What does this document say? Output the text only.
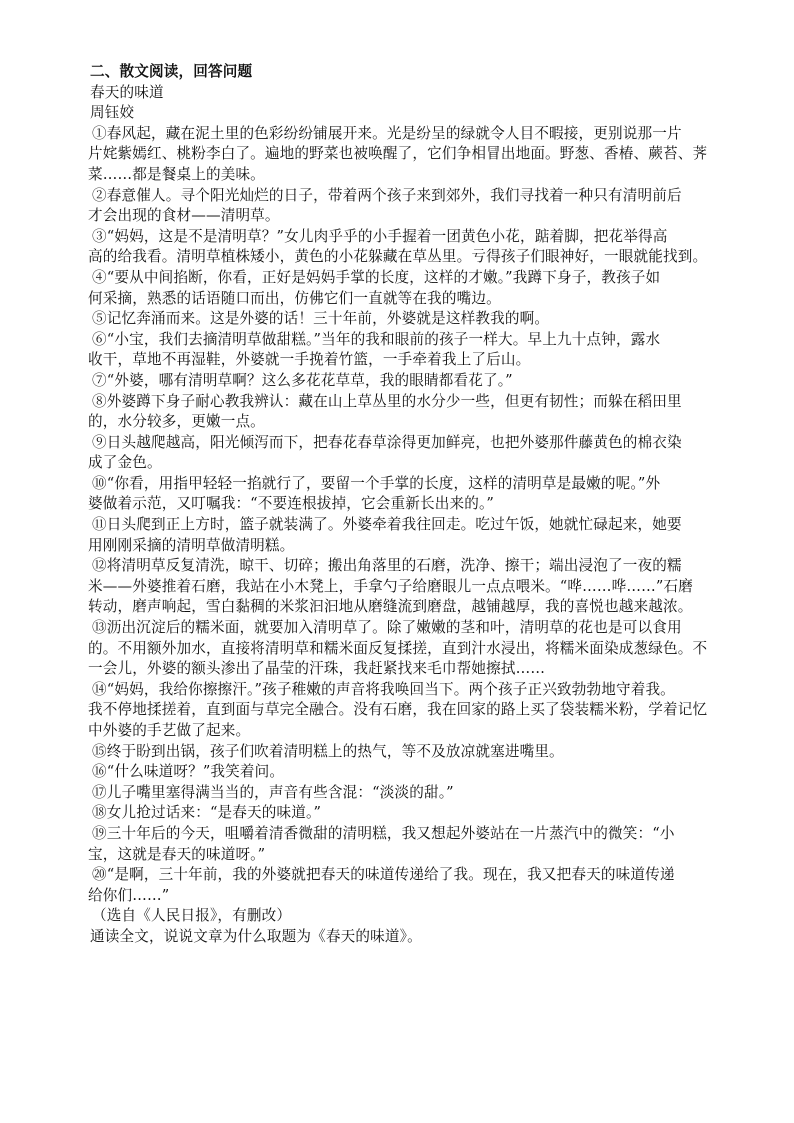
二、散文阅读，回答问题
春天的味道
周钰姣
①春风起，藏在泥土里的色彩纷纷铺展开来。光是纷呈的绿就令人目不暇接，更别说那一片
片姹紫嫣红、桃粉李白了。遍地的野菜也被唤醒了，它们争相冒出地面。野葱、香椿、蕨苔、荠
菜……都是餐桌上的美味。
②春意催人。寻个阳光灿烂的日子，带着两个孩子来到郊外，我们寻找着一种只有清明前后
才会出现的食材——清明草。
③“妈妈，这是不是清明草？”女儿肉乎乎的小手握着一团黄色小花，踮着脚，把花举得高
高的给我看。清明草植株矮小，黄色的小花躲藏在草丛里。亏得孩子们眼神好，一眼就能找到。
④“要从中间掐断，你看，正好是妈妈手掌的长度，这样的才嫩。”我蹲下身子，教孩子如
何采摘，熟悉的话语随口而出，仿佛它们一直就等在我的嘴边。
⑤记忆奔涌而来。这是外婆的话！三十年前，外婆就是这样教我的啊。
⑥“小宝，我们去摘清明草做甜糕。”当年的我和眼前的孩子一样大。早上九十点钟，露水
收干，草地不再湿鞋，外婆就一手挽着竹篮，一手牵着我上了后山。
⑦“外婆，哪有清明草啊？这么多花花草草，我的眼睛都看花了。”
⑧外婆蹲下身子耐心教我辨认：藏在山上草丛里的水分少一些，但更有韧性；而躲在稻田里
的，水分较多，更嫩一点。
⑨日头越爬越高，阳光倾泻而下，把春花春草涂得更加鲜亮，也把外婆那件藤黄色的棉衣染
成了金色。
⑩“你看，用指甲轻轻一掐就行了，要留一个手掌的长度，这样的清明草是最嫩的呢。”外
婆做着示范，又叮嘱我：“不要连根拔掉，它会重新长出来的。”
⑪日头爬到正上方时，篮子就装满了。外婆牵着我往回走。吃过午饭，她就忙碌起来，她要
用刚刚采摘的清明草做清明糕。
⑫将清明草反复清洗，晾干、切碎；搬出角落里的石磨，洗净、擦干；端出浸泡了一夜的糯
米——外婆推着石磨，我站在小木凳上，手拿勺子给磨眼儿一点点喂米。“哗……哗……”石磨
转动，磨声响起，雪白黏稠的米浆汩汩地从磨缝流到磨盘，越铺越厚，我的喜悦也越来越浓。
⑬沥出沉淀后的糯米面，就要加入清明草了。除了嫩嫩的茎和叶，清明草的花也是可以食用
的。不用额外加水，直接将清明草和糯米面反复揉搓，直到汁水浸出，将糯米面染成葱绿色。不
一会儿，外婆的额头渗出了晶莹的汗珠，我赶紧找来毛巾帮她擦拭……
⑭“妈妈，我给你擦擦汗。”孩子稚嫩的声音将我唤回当下。两个孩子正兴致勃勃地守着我。
我不停地揉搓着，直到面与草完全融合。没有石磨，我在回家的路上买了袋装糯米粉，学着记忆
中外婆的手艺做了起来。
⑮终于盼到出锅，孩子们吹着清明糕上的热气，等不及放凉就塞进嘴里。
⑯“什么味道呀？”我笑着问。
⑰儿子嘴里塞得满当当的，声音有些含混：“淡淡的甜。”
⑱女儿抢过话来：“是春天的味道。”
⑲三十年后的今天，咀嚼着清香微甜的清明糕，我又想起外婆站在一片蒸汽中的微笑：“小
宝，这就是春天的味道呀。”
⑳“是啊，三十年前，我的外婆就把春天的味道传递给了我。现在，我又把春天的味道传递
给你们……”
（选自《人民日报》，有删改）
通读全文，说说文章为什么取题为《春天的味道》。
